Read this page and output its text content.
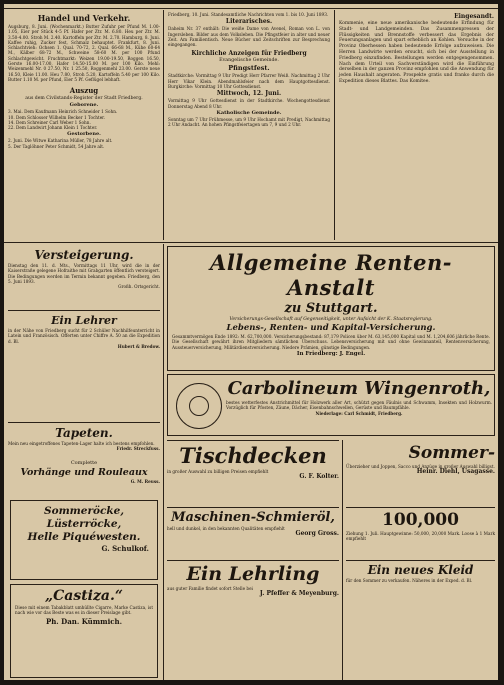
Handel und Verkehr.

Augsburg, 8. Juni. (Wochenmarkt.) Butter Zufuhr per Pfund M. 1.00-1.05, Eier per Stück 4-5 Pf. Hafer per Ztr. M. 6.80. Heu per Ztr. M. 3.50-4.00. Stroh M. 2.40. Kartoffeln per Ztr. M. 2.70. Hamburg, 8. Juni. Kaffee ruhig, Zucker fest, Schmalz behauptet. Frankfurt, 8. Juni. Schlachtvieh: Ochsen 1. Qual. 70-72, 2. Qual. 66-68 M., Kühe 60-64 M., Kälber 68-72 M., Schweine 58-60 M. per 100 Pfund Schlachtgewicht. Fruchtmarkt: Weizen 19.00-19.50, Roggen 16.50, Gerste 16.00-17.00, Hafer 14.50-15.00 M. per 100 Kilo. Mehl: Weizenmehl Nr. 0 27.50, Nr. 1 25.50, Roggenmehl 23.00. Gerste neue 16.50, Kleie 11.00. Heu 7.80, Stroh 5.20, Kartoffeln 5.40 per 100 Kilo. Butter 1.10 M. per Pfund, Eier 5 Pf. Geflügel lebhaft.

Auszug
aus dem Civilstands-Register der Stadt Friedberg.
Geborene.

3. Mai. Dem Kaufmann Heinrich Schneider 1 Sohn.

10. Dem Schlosser Wilhelm Becker 1 Tochter.

14. Dem Schreiner Carl Weber 1 Sohn.

22. Dem Landwirt Johann Klein 1 Tochter.

Gestorbene.

2. Juni. Die Witwe Katharina Müller, 78 Jahre alt.

5. Der Taglöhner Peter Schmidt, 54 Jahre alt.

Friedberg, 10. Juni. Standesamtliche Nachrichten vom 1. bis 10. Juni 1893.

Literarisches.

Daheim Nr. 37 enthält: Die weiße Dame von Avenel, Roman von L. von Ingersleben. Bilder aus dem Volksleben. Die Pfingstfeier in alter und neuer Zeit. Am Familientisch. Neue Bücher und Zeitschriften zur Besprechung eingegangen.

Kirchliche Anzeigen für Friedberg
Evangelische Gemeinde.
Pfingstfest.

Stadtkirche: Vormittag 9 Uhr Predigt Herr Pfarrer Weiß. Nachmittag 2 Uhr Herr Vikar Klein. Abendmahlsfeier nach dem Hauptgottesdienst. Burgkirche: Vormittag 10 Uhr Gottesdienst.

Mittwoch, 12. Juni.

Vormittag 9 Uhr Gottesdienst in der Stadtkirche. Wochengottesdienst Donnerstag Abend 8 Uhr.

Katholische Gemeinde.

Sonntag um 7 Uhr Frühmesse, um 9 Uhr Hochamt mit Predigt, Nachmittag 2 Uhr Andacht. An hohen Pfingstfeiertagen um 7, 9 und 2 Uhr.

Eingesandt.

Kommenie, eine neue amerikanische bedeutende Erfindung für Stadt- und Landgemeinden. Das Zusammenpressen der Flüssigkeiten und Brennstoffe verbessert das Ergebnis der Feuerungsanlagen und spart erheblich an Kohlen. Versuche in der Provinz Oberhessen haben bedeutende Erfolge aufzuweisen. Die Herren Landwirte werden ersucht, sich bei der Ausstellung in Friedberg einzufinden. Bestellungen werden entgegengenommen. Nach dem Urteil von Sachverständigen wird die Einführung derselben in der ganzen Provinz empfohlen und die Anwendung für jeden Haushalt angeraten. Prospekte gratis und franko durch die Expedition dieses Blattes. Das Komitee.

Versteigerung.

Dienstag den 11. d. Mts., Vormittags 11 Uhr, wird die in der Kaiserstraße gelegene Hofraithe mit Grabgarten öffentlich versteigert. Die Bedingungen werden im Termin bekannt gegeben. Friedberg, den 5. Juni 1893.

Großh. Ortsgericht.
Ein Lehrer

in der Nähe von Friedberg sucht für 2 Schüler Nachhilfeunterricht in Latein und Französisch. Offerten unter Chiffre A. 50 an die Expedition d. Bl.

Hubert & Bredow.
Tapeten.

Mein neu eingetroffenes Tapeten-Lager halte ich bestens empfohlen.

Friedr. Streckfuss.
Complette
Vorhänge und Rouleaux
G. M. Reuss.
Sommeröcke,
Lüsterröcke,
Helle Piquéwesten.
G. Schulkof.
„Castiza.“

Diese mit einem Tabakblatt umhüllte Cigarre, Marke Castiza, ist nach wie vor das Beste was es in dieser Preislage gibt.

Ph. Dan. Kümmich.
Allgemeine Renten-Anstalt
zu Stuttgart.
Versicherungs-Gesellschaft auf Gegenseitigkeit, unter Aufsicht der K. Staatsregierung.
Lebens-, Renten- und Kapital-Versicherung.

Gesammtvermögen Ende 1892: M. 62,700,000. Versicherungsbestand: 87,179 Policen über M. 63,145,000 Kapital und M. 1,204,606 jährliche Rente. Die Gesellschaft gewährt ihren Mitgliedern sämtlichen Überschuss. Lebensversicherung mit und ohne Gewinnanteil, Rentenversicherung, Aussteuerversicherung, Militärdienstversicherung. Niedere Prämien, günstige Bedingungen.

In Friedberg: J. Engel.
Carbolineum Wingenroth,

bestes wetterfestes Anstrichmittel für Holzwerk aller Art, schützt gegen Fäulnis und Schwamm, Insekten und Holzwurm. Vorzüglich für Pfosten, Zäune, Dächer, Eisenbahnschwellen, Gerüste und Baumpfähle.

Niederlage: Carl Schmidt, Friedberg.
Tischdecken

in großer Auswahl zu billigen Preisen empfiehlt

G. F. Kolter.
Maschinen-Schmieröl,

hell und dunkel, in den bekannten Qualitäten empfiehlt

Georg Gross.
Ein Lehrling

aus guter Familie findet sofort Stelle bei

J. Pfeffer & Meyenburg.
Sommer-

Überzieher und Joppen, Sacco und Anzüge in großer Auswahl billigst.

Heinr. Diehl, Usagasse.
100,000

Ziehung 1. Juli. Hauptgewinne: 50,000, 20,000 Mark. Loose à 1 Mark empfiehlt

Ein neues Kleid

für den Sommer zu verkaufen. Näheres in der Exped. d. Bl.
